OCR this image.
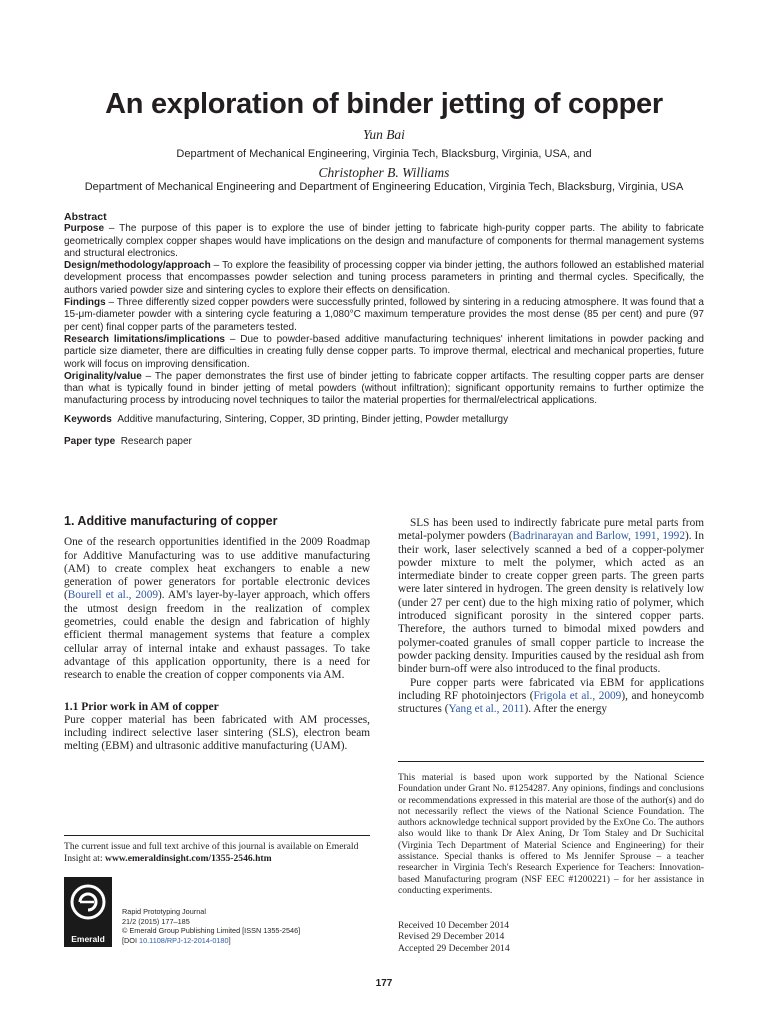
An exploration of binder jetting of copper
Yun Bai
Department of Mechanical Engineering, Virginia Tech, Blacksburg, Virginia, USA, and
Christopher B. Williams
Department of Mechanical Engineering and Department of Engineering Education, Virginia Tech, Blacksburg, Virginia, USA

Abstract

Purpose – The purpose of this paper is to explore the use of binder jetting to fabricate high-purity copper parts. The ability to fabricate geometrically complex copper shapes would have implications on the design and manufacture of components for thermal management systems and structural electronics.

Design/methodology/approach – To explore the feasibility of processing copper via binder jetting, the authors followed an established material development process that encompasses powder selection and tuning process parameters in printing and thermal cycles. Specifically, the authors varied powder size and sintering cycles to explore their effects on densification.

Findings – Three differently sized copper powders were successfully printed, followed by sintering in a reducing atmosphere. It was found that a 15-μm-diameter powder with a sintering cycle featuring a 1,080°C maximum temperature provides the most dense (85 per cent) and pure (97 per cent) final copper parts of the parameters tested.

Research limitations/implications – Due to powder-based additive manufacturing techniques' inherent limitations in powder packing and particle size diameter, there are difficulties in creating fully dense copper parts. To improve thermal, electrical and mechanical properties, future work will focus on improving densification.

Originality/value – The paper demonstrates the first use of binder jetting to fabricate copper artifacts. The resulting copper parts are denser than what is typically found in binder jetting of metal powders (without infiltration); significant opportunity remains to further optimize the manufacturing process by introducing novel techniques to tailor the material properties for thermal/electrical applications.

Keywords Additive manufacturing, Sintering, Copper, 3D printing, Binder jetting, Powder metallurgy

Paper type Research paper

1. Additive manufacturing of copper

One of the research opportunities identified in the 2009 Roadmap for Additive Manufacturing was to use additive manufacturing (AM) to create complex heat exchangers to enable a new generation of power generators for portable electronic devices (Bourell et al., 2009). AM's layer-by-layer approach, which offers the utmost design freedom in the realization of complex geometries, could enable the design and fabrication of highly efficient thermal management systems that feature a complex cellular array of internal intake and exhaust passages. To take advantage of this application opportunity, there is a need for research to enable the creation of copper components via AM.

1.1 Prior work in AM of copper

Pure copper material has been fabricated with AM processes, including indirect selective laser sintering (SLS), electron beam melting (EBM) and ultrasonic additive manufacturing (UAM).

SLS has been used to indirectly fabricate pure metal parts from metal-polymer powders (Badrinarayan and Barlow, 1991, 1992). In their work, laser selectively scanned a bed of a copper-polymer powder mixture to melt the polymer, which acted as an intermediate binder to create copper green parts. The green parts were later sintered in hydrogen. The green density is relatively low (under 27 per cent) due to the high mixing ratio of polymer, which introduced significant porosity in the sintered copper parts. Therefore, the authors turned to bimodal mixed powders and polymer-coated granules of small copper particle to increase the powder packing density. Impurities caused by the residual ash from binder burn-off were also introduced to the final products.

Pure copper parts were fabricated via EBM for applications including RF photoinjectors (Frigola et al., 2009), and honeycomb structures (Yang et al., 2011). After the energy

The current issue and full text archive of this journal is available on Emerald Insight at: www.emeraldinsight.com/1355-2546.htm
Emerald
Rapid Prototyping Journal
21/2 (2015) 177–185
© Emerald Group Publishing Limited [ISSN 1355-2546]
[DOI 10.1108/RPJ-12-2014-0180]
This material is based upon work supported by the National Science Foundation under Grant No. #1254287. Any opinions, findings and conclusions or recommendations expressed in this material are those of the author(s) and do not necessarily reflect the views of the National Science Foundation. The authors acknowledge technical support provided by the ExOne Co. The authors also would like to thank Dr Alex Aning, Dr Tom Staley and Dr Suchicital (Virginia Tech Department of Material Science and Engineering) for their assistance. Special thanks is offered to Ms Jennifer Sprouse – a teacher researcher in Virginia Tech's Research Experience for Teachers: Innovation-based Manufacturing program (NSF EEC #1200221) – for her assistance in conducting experiments.
Received 10 December 2014
Revised 29 December 2014
Accepted 29 December 2014
177
